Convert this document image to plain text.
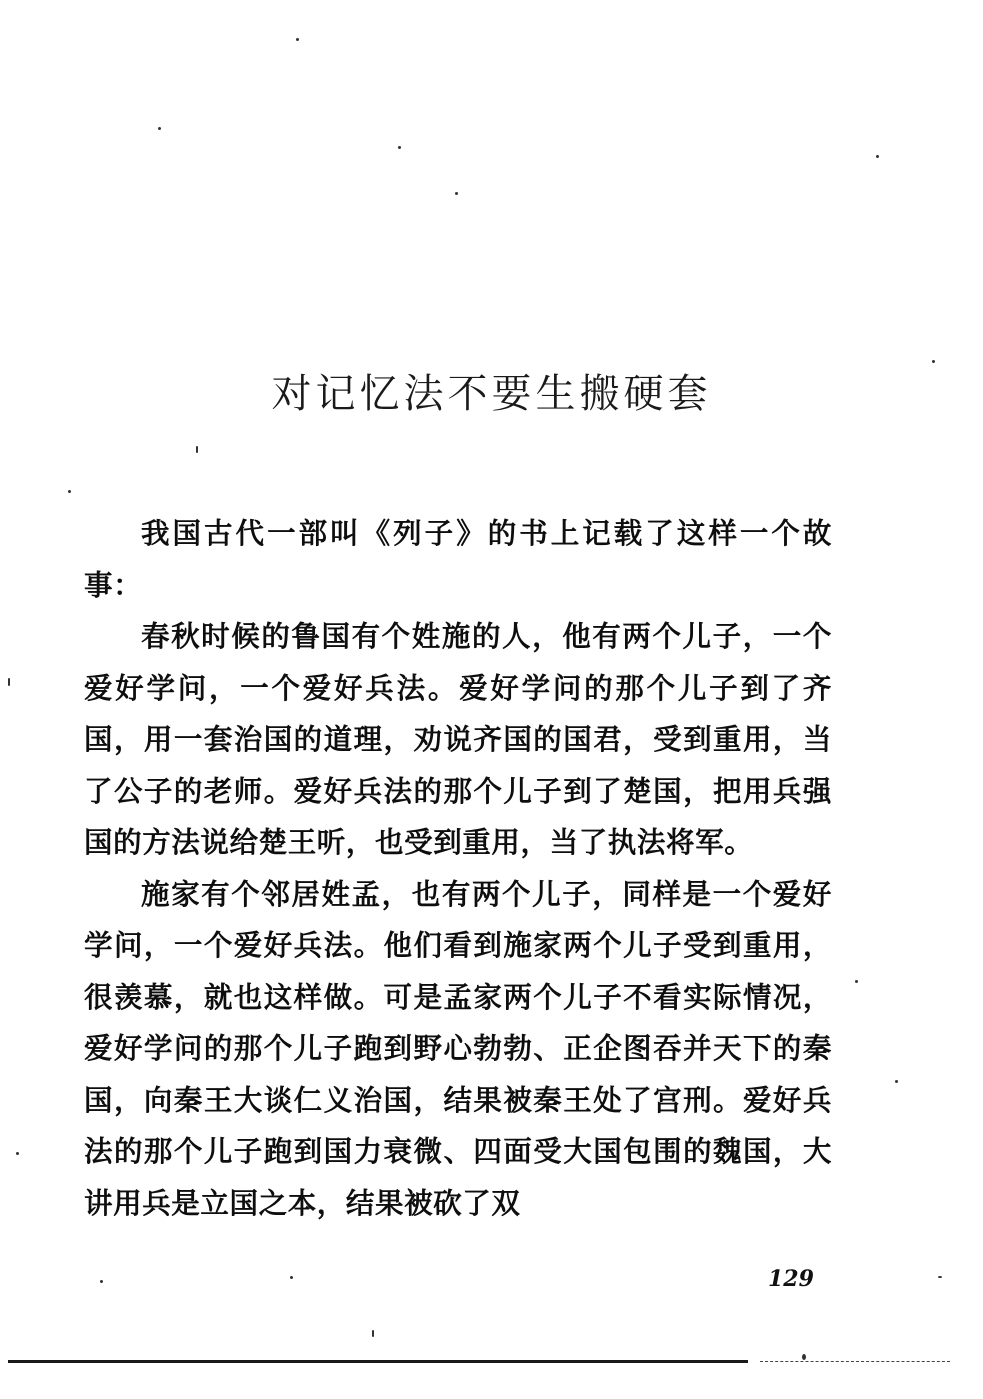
对记忆法不要生搬硬套

我国古代一部叫《列子》的书上记载了这样一个故事：

春秋时候的鲁国有个姓施的人，他有两个儿子，一个爱好学问，一个爱好兵法。爱好学问的那个儿子到了齐国，用一套治国的道理，劝说齐国的国君，受到重用，当了公子的老师。爱好兵法的那个儿子到了楚国，把用兵强国的方法说给楚王听，也受到重用，当了执法将军。

施家有个邻居姓孟，也有两个儿子，同样是一个爱好学问，一个爱好兵法。他们看到施家两个儿子受到重用，很羡慕，就也这样做。可是孟家两个儿子不看实际情况，爱好学问的那个儿子跑到野心勃勃、正企图吞并天下的秦国，向秦王大谈仁义治国，结果被秦王处了宫刑。爱好兵法的那个儿子跑到国力衰微、四面受大国包围的魏国，大讲用兵是立国之本，结果被砍了双

129
